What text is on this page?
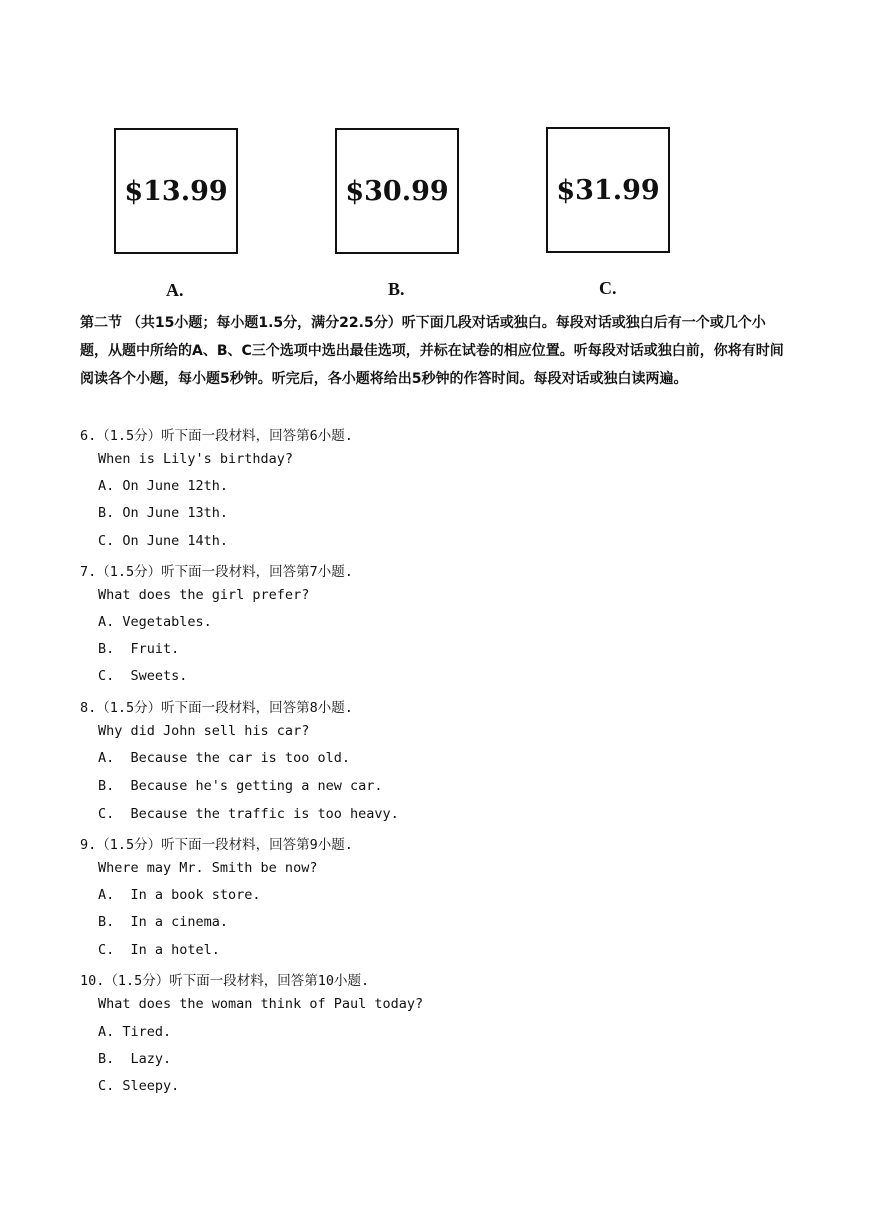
$13.99	$30.99	$31.99
A.	B.	C.
第二节 （共15小题；每小题1.5分，满分22.5分）听下面几段对话或独白。每段对话或独白后有一个或几个小题，从题中所给的A、B、C三个选项中选出最佳选项，并标在试卷的相应位置。听每段对话或独白前，你将有时间阅读各个小题，每小题5秒钟。听完后，各小题将给出5秒钟的作答时间。每段对话或独白读两遍。
6.（1.5分）听下面一段材料，回答第6小题.
When is Lily's birthday?
A. On June 12th.
B. On June 13th.
C. On June 14th.
7.（1.5分）听下面一段材料，回答第7小题.
What does the girl prefer?
A. Vegetables.
B.  Fruit.
C.  Sweets.
8.（1.5分）听下面一段材料，回答第8小题.
Why did John sell his car?
A.  Because the car is too old.
B.  Because he's getting a new car.
C.  Because the traffic is too heavy.
9.（1.5分）听下面一段材料，回答第9小题.
Where may Mr. Smith be now?
A.  In a book store.
B.  In a cinema.
C.  In a hotel.
10.（1.5分）听下面一段材料，回答第10小题.
What does the woman think of Paul today?
A. Tired.
B.  Lazy.
C. Sleepy.
